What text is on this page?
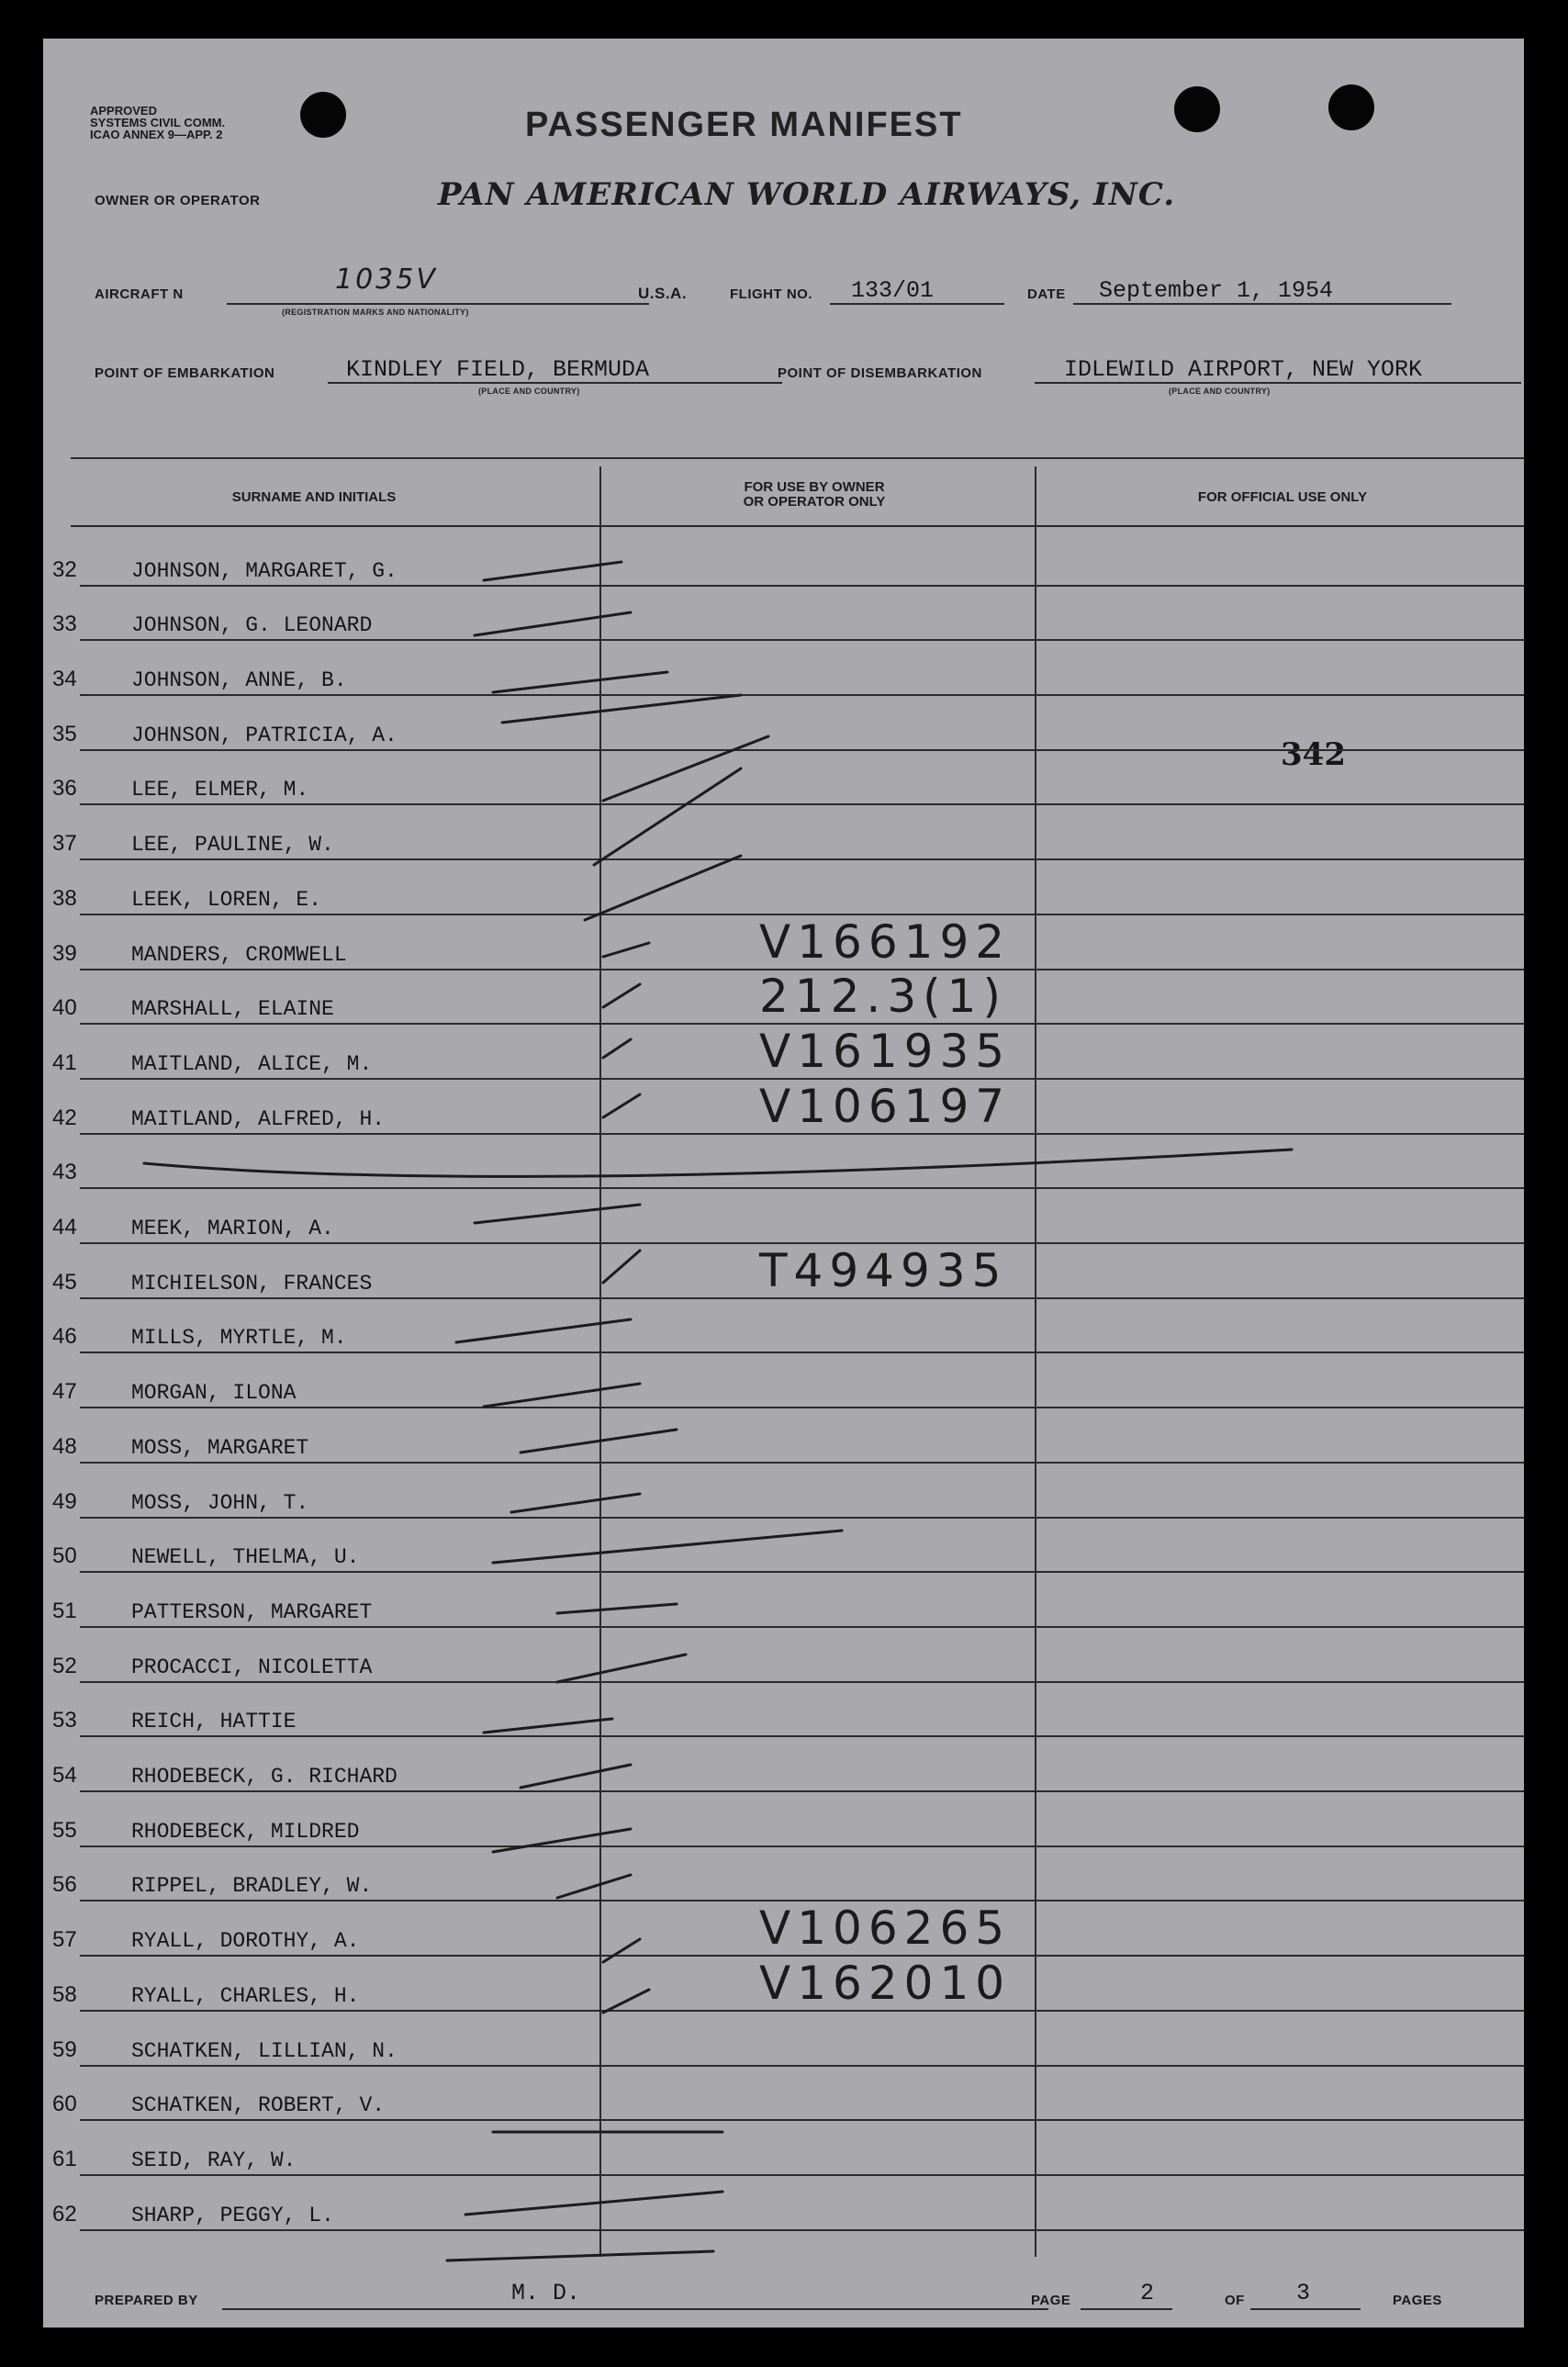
APPROVED
SYSTEMS CIVIL COMM.
ICAO ANNEX 9—APP. 2	PASSENGER MANIFEST
OWNER OR OPERATOR	PAN AMERICAN WORLD AIRWAYS, INC.
AIRCRAFT N	1035V
(REGISTRATION MARKS AND NATIONALITY)
U.S.A.	FLIGHT NO. 133/01	DATE September 1, 1954
POINT OF EMBARKATION	KINDLEY FIELD, BERMUDA
(PLACE AND COUNTRY)
POINT OF DISEMBARKATION	IDLEWILD AIRPORT, NEW YORK
(PLACE AND COUNTRY)
SURNAME AND INITIALS
FOR USE BY OWNER
OR OPERATOR ONLY	FOR OFFICIAL USE ONLY
342
32	JOHNSON, MARGARET, G.
33	JOHNSON, G. LEONARD
34	JOHNSON, ANNE, B.
35	JOHNSON, PATRICIA, A.
36	LEE, ELMER, M.
37	LEE, PAULINE, W.
38	LEEK, LOREN, E.
39	MANDERS, CROMWELL	V166192
40	MARSHALL, ELAINE	212.3(1)
41	MAITLAND, ALICE, M.	V161935
42	MAITLAND, ALFRED, H.	V106197
43
44	MEEK, MARION, A.
45	MICHIELSON, FRANCES	T494935
46	MILLS, MYRTLE, M.
47	MORGAN, ILONA
48	MOSS, MARGARET
49	MOSS, JOHN, T.
50	NEWELL, THELMA, U.
51	PATTERSON, MARGARET
52	PROCACCI, NICOLETTA
53	REICH, HATTIE
54	RHODEBECK, G. RICHARD
55	RHODEBECK, MILDRED
56	RIPPEL, BRADLEY, W.
57	RYALL, DOROTHY, A.	V106265
58	RYALL, CHARLES, H.	V162010
59	SCHATKEN, LILLIAN, N.
60	SCHATKEN, ROBERT, V.
61	SEID, RAY, W.
62	SHARP, PEGGY, L.
PREPARED BY	M. D.	PAGE	2	OF 3	PAGES
